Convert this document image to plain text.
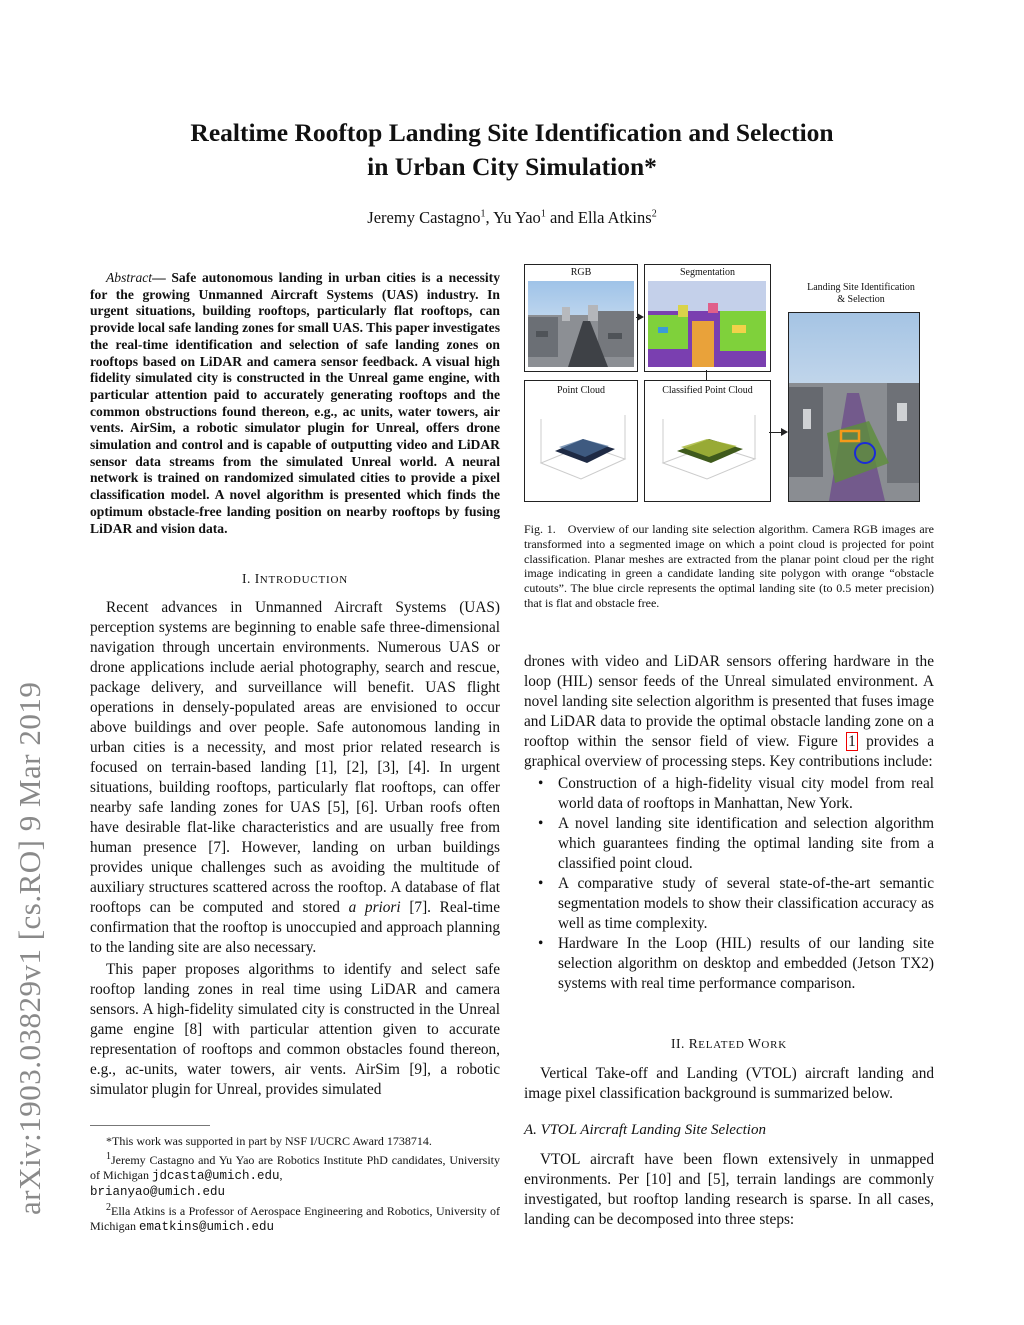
arXiv:1903.03829v1 [cs.RO] 9 Mar 2019
Realtime Rooftop Landing Site Identification and Selection
in Urban City Simulation*
Jeremy Castagno$^1$, Yu Yao$^1$ and Ella Atkins$^2$
Abstract— Safe autonomous landing in urban cities is a necessity for the growing Unmanned Aircraft Systems (UAS) industry. In urgent situations, building rooftops, particularly flat rooftops, can provide local safe landing zones for small UAS. This paper investigates the real-time identification and selection of safe landing zones on rooftops based on LiDAR and camera sensor feedback. A visual high fidelity simulated city is constructed in the Unreal game engine, with particular attention paid to accurately generating rooftops and the common obstructions found thereon, e.g., ac units, water towers, air vents. AirSim, a robotic simulator plugin for Unreal, offers drone simulation and control and is capable of outputting video and LiDAR sensor data streams from the simulated Unreal world. A neural network is trained on randomized simulated cities to provide a pixel classification model. A novel algorithm is presented which finds the optimum obstacle-free landing position on nearby rooftops by fusing LiDAR and vision data.
I. INTRODUCTION

Recent advances in Unmanned Aircraft Systems (UAS) perception systems are beginning to enable safe three-dimensional navigation through uncertain environments. Numerous UAS or drone applications include aerial photography, search and rescue, package delivery, and surveillance will benefit. UAS flight operations in densely-populated areas are envisioned to occur above buildings and over people. Safe autonomous landing in urban cities is a necessity, and most prior related research is focused on terrain-based landing [1], [2], [3], [4]. In urgent situations, building rooftops, particularly flat rooftops, can offer nearby safe landing zones for UAS [5], [6]. Urban roofs often have desirable flat-like characteristics and are usually free from human presence [7]. However, landing on urban buildings provides unique challenges such as avoiding the multitude of auxiliary structures scattered across the rooftop. A database of flat rooftops can be computed and stored a priori [7]. Real-time confirmation that the rooftop is unoccupied and approach planning to the landing site are also necessary.

This paper proposes algorithms to identify and select safe rooftop landing zones in real time using LiDAR and camera sensors. A high-fidelity simulated city is constructed in the Unreal game engine [8] with particular attention given to accurate representation of rooftops and common obstacles found thereon, e.g., ac-units, water towers, air vents. AirSim [9], a robotic simulator plugin for Unreal, provides simulated

*This work was supported in part by NSF I/UCRC Award 1738714.

$^1$Jeremy Castagno and Yu Yao are Robotics Institute PhD candidates, University of Michigan jdcasta@umich.edu,
brianyao@umich.edu

$^2$Ella Atkins is a Professor of Aerospace Engineering and Robotics, University of Michigan ematkins@umich.edu

RGB	Segmentation
Point Cloud	Classified Point Cloud
Landing Site Identification
& Selection
Fig. 1. Overview of our landing site selection algorithm. Camera RGB images are transformed into a segmented image on which a point cloud is projected for point classification. Planar meshes are extracted from the planar point cloud per the right image indicating in green a candidate landing site polygon with orange “obstacle cutouts”. The blue circle represents the optimal landing site (to 0.5 meter precision) that is flat and obstacle free.

drones with video and LiDAR sensors offering hardware in the loop (HIL) sensor feeds of the Unreal simulated environment. A novel landing site selection algorithm is presented that fuses image and LiDAR data to provide the optimal obstacle landing zone on a rooftop within the sensor field of view. Figure 1 provides a graphical overview of processing steps. Key contributions include:

• Construction of a high-fidelity visual city model from real world data of rooftops in Manhattan, New York.
• A novel landing site identification and selection algorithm which guarantees finding the optimal landing site from a classified point cloud.
• A comparative study of several state-of-the-art semantic segmentation models to show their classification accuracy as well as time complexity.
• Hardware In the Loop (HIL) results of our landing site selection algorithm on desktop and embedded (Jetson TX2) systems with real time performance comparison.
II. RELATED WORK

Vertical Take-off and Landing (VTOL) aircraft landing and image pixel classification background is summarized below.

A. VTOL Aircraft Landing Site Selection

VTOL aircraft have been flown extensively in unmapped environments. Per [10] and [5], terrain landings are commonly investigated, but rooftop landing research is sparse. In all cases, landing can be decomposed into three steps:
